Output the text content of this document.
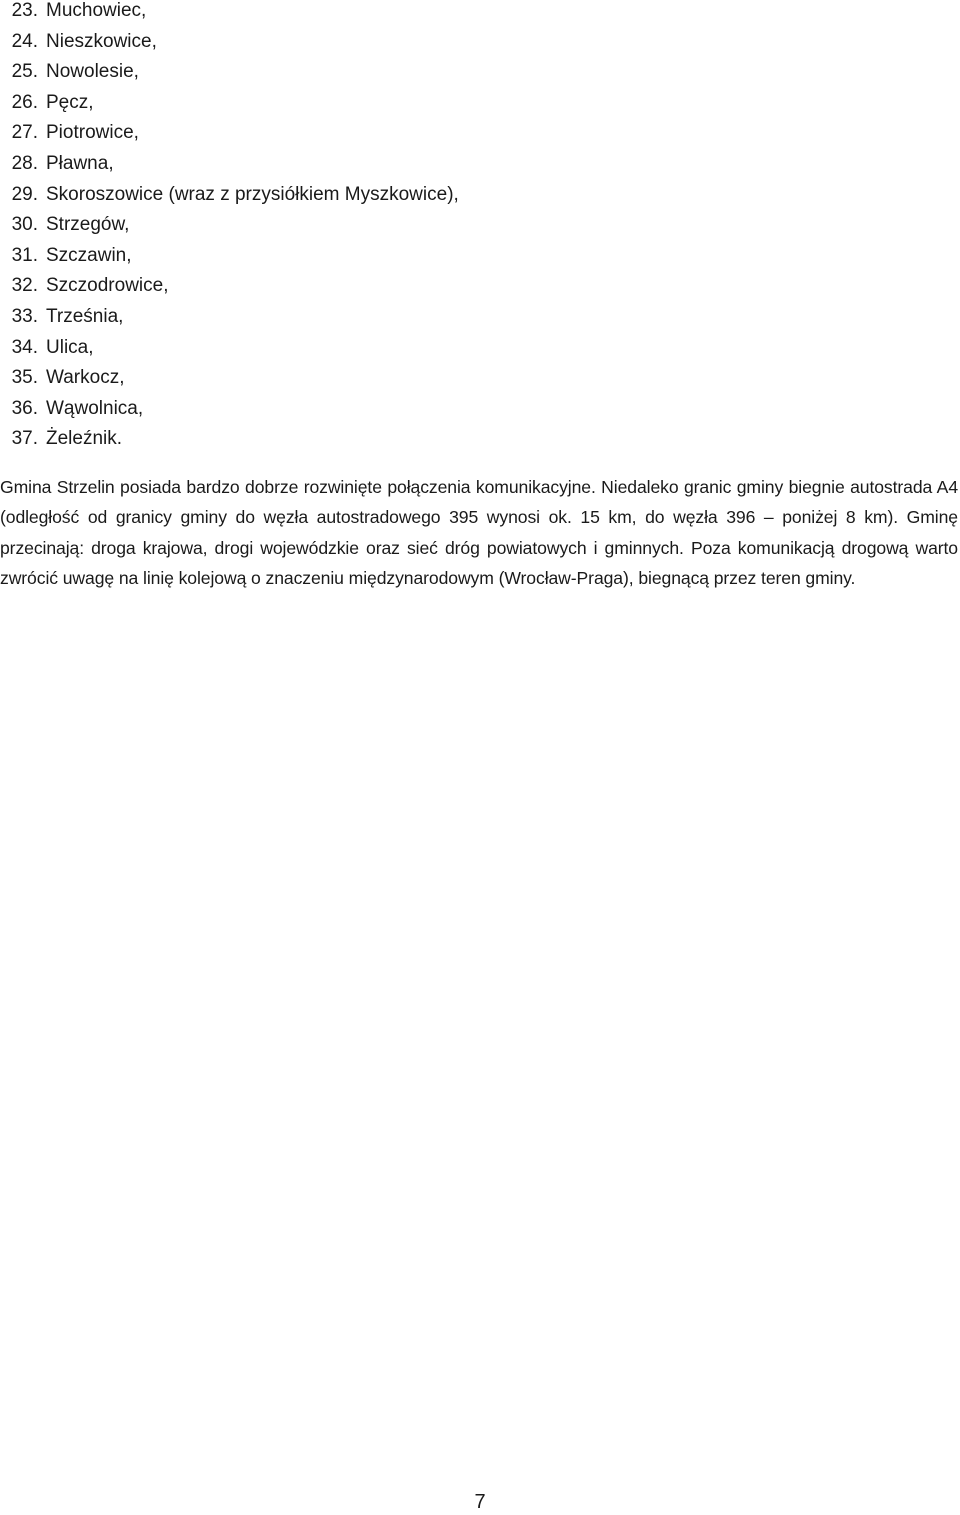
23. Muchowiec,
24. Nieszkowice,
25. Nowolesie,
26. Pęcz,
27. Piotrowice,
28. Pławna,
29. Skoroszowice (wraz z przysiółkiem Myszkowice),
30. Strzegów,
31. Szczawin,
32. Szczodrowice,
33. Trześnia,
34. Ulica,
35. Warkocz,
36. Wąwolnica,
37. Żeleźnik.

Gmina Strzelin posiada bardzo dobrze rozwinięte połączenia komunikacyjne. Niedaleko granic gminy biegnie autostrada A4 (odległość od granicy gminy do węzła autostradowego 395 wynosi ok. 15 km, do węzła 396 – poniżej 8 km). Gminę przecinają: droga krajowa, drogi wojewódzkie oraz sieć dróg powiatowych i gminnych. Poza komunikacją drogową warto zwrócić uwagę na linię kolejową o znaczeniu międzynarodowym (Wrocław-Praga), biegnącą przez teren gminy.

7
